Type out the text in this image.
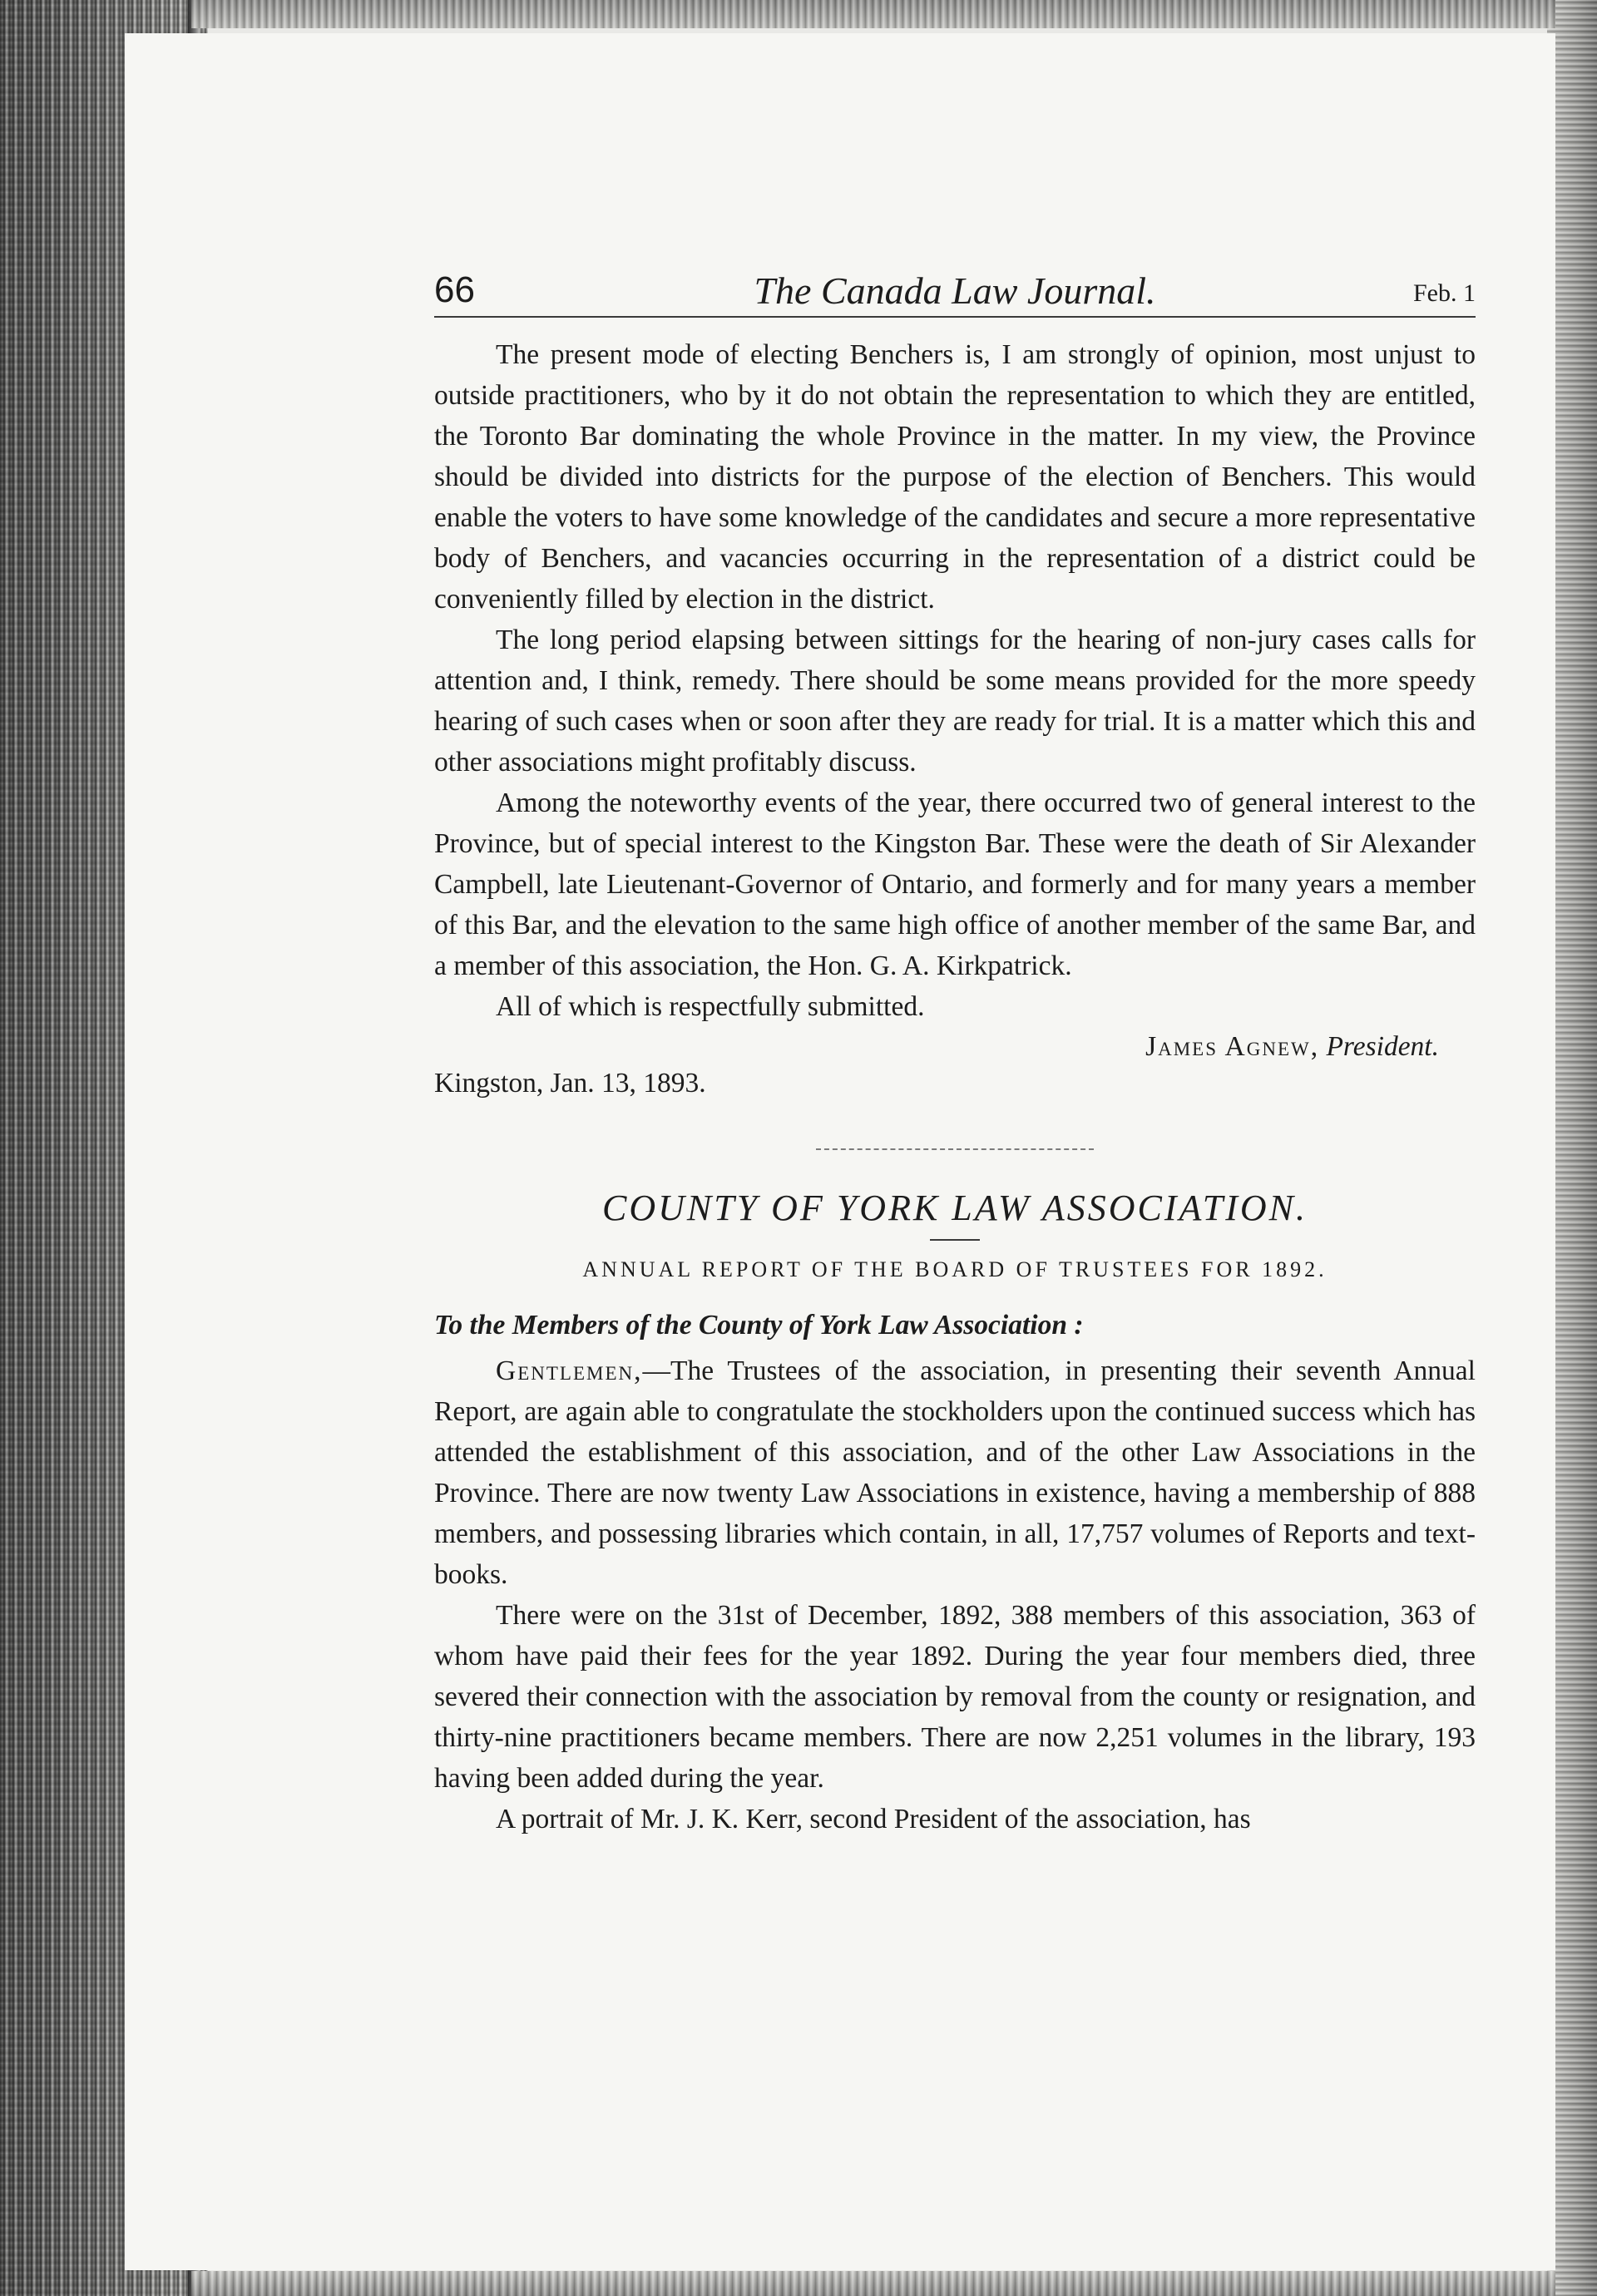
66	The Canada Law Journal.	Feb. 1

The present mode of electing Benchers is, I am strongly of opinion, most unjust to outside practitioners, who by it do not obtain the representation to which they are entitled, the Toronto Bar dominating the whole Province in the matter. In my view, the Province should be divided into districts for the purpose of the election of Benchers. This would enable the voters to have some knowledge of the candidates and secure a more representative body of Benchers, and vacancies occurring in the representation of a district could be conveniently filled by election in the district.

The long period elapsing between sittings for the hearing of non-jury cases calls for attention and, I think, remedy. There should be some means provided for the more speedy hearing of such cases when or soon after they are ready for trial. It is a matter which this and other associations might profitably discuss.

Among the noteworthy events of the year, there occurred two of general interest to the Province, but of special interest to the Kingston Bar. These were the death of Sir Alexander Campbell, late Lieutenant-Governor of Ontario, and formerly and for many years a member of this Bar, and the elevation to the same high office of another member of the same Bar, and a member of this association, the Hon. G. A. Kirkpatrick.

All of which is respectfully submitted.
James Agnew, President.
Kingston, Jan. 13, 1893.
COUNTY OF YORK LAW ASSOCIATION.
ANNUAL REPORT OF THE BOARD OF TRUSTEES FOR 1892.
To the Members of the County of York Law Association :

Gentlemen,—The Trustees of the association, in presenting their seventh Annual Report, are again able to congratulate the stockholders upon the continued success which has attended the establishment of this association, and of the other Law Associations in the Province. There are now twenty Law Associations in existence, having a membership of 888 members, and possessing libraries which contain, in all, 17,757 volumes of Reports and text-books.

There were on the 31st of December, 1892, 388 members of this association, 363 of whom have paid their fees for the year 1892. During the year four members died, three severed their connection with the association by removal from the county or resignation, and thirty-nine practitioners became members. There are now 2,251 volumes in the library, 193 having been added during the year.

A portrait of Mr. J. K. Kerr, second President of the association, has
